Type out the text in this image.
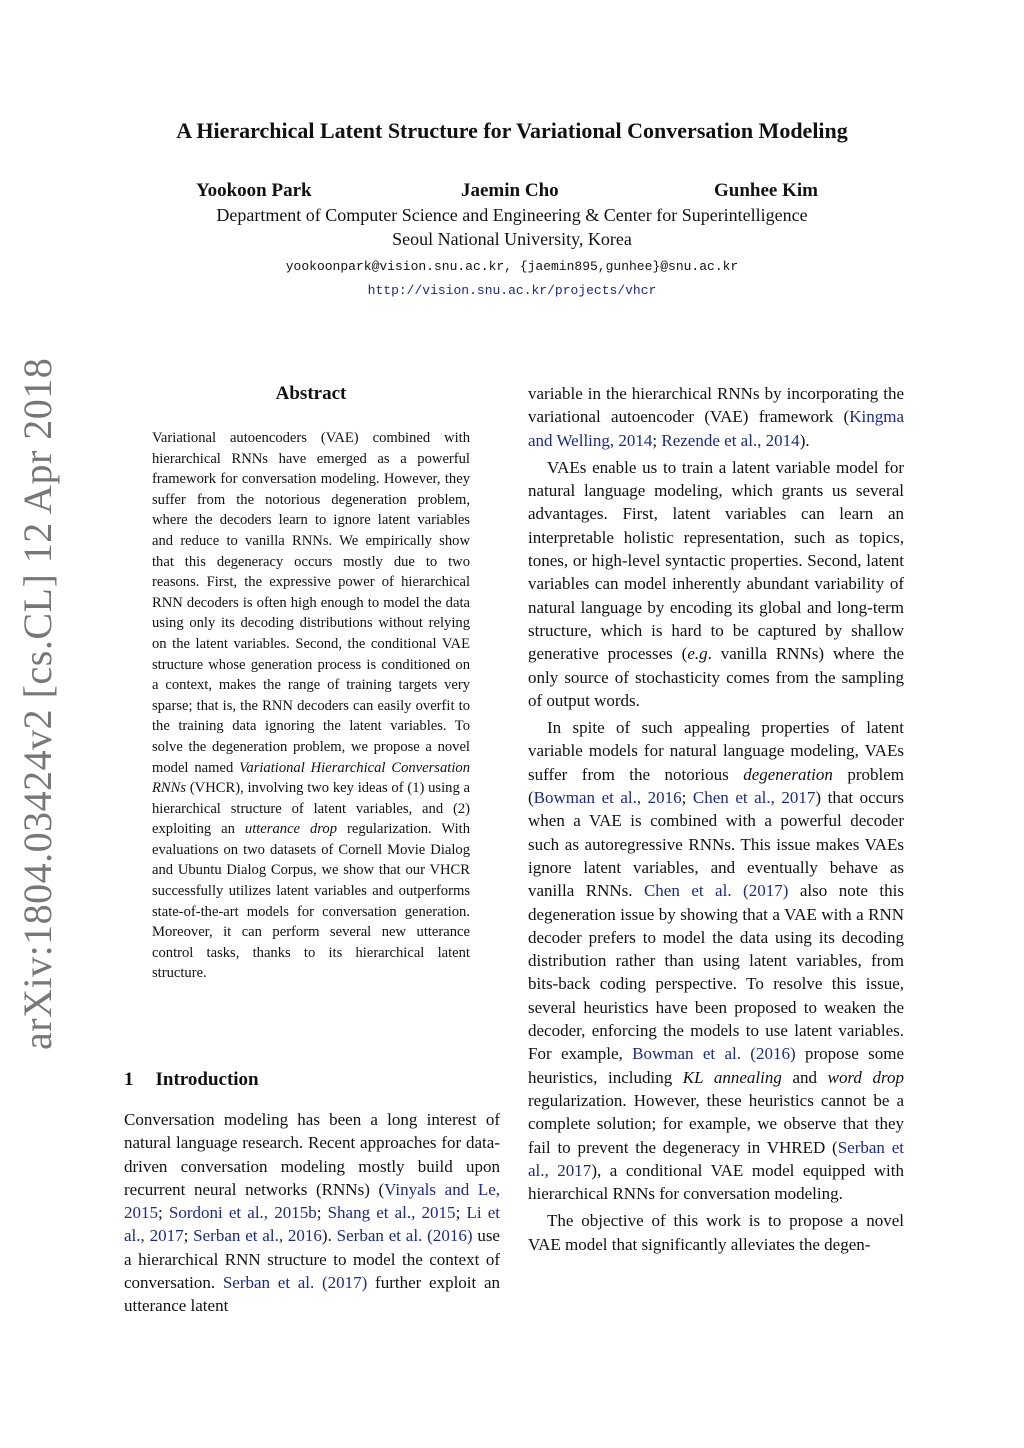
A Hierarchical Latent Structure for Variational Conversation Modeling
Yookoon Park	Jaemin Cho	Gunhee Kim
Department of Computer Science and Engineering & Center for Superintelligence
Seoul National University, Korea
yookoonpark@vision.snu.ac.kr, {jaemin895,gunhee}@snu.ac.kr
http://vision.snu.ac.kr/projects/vhcr
arXiv:1804.03424v2 [cs.CL] 12 Apr 2018	Abstract

Variational autoencoders (VAE) combined with hierarchical RNNs have emerged as a powerful framework for conversation modeling. However, they suffer from the notorious degeneration problem, where the decoders learn to ignore latent variables and reduce to vanilla RNNs. We empirically show that this degeneracy occurs mostly due to two reasons. First, the expressive power of hierarchical RNN decoders is often high enough to model the data using only its decoding distributions without relying on the latent variables. Second, the conditional VAE structure whose generation process is conditioned on a context, makes the range of training targets very sparse; that is, the RNN decoders can easily overfit to the training data ignoring the latent variables. To solve the degeneration problem, we propose a novel model named Variational Hierarchical Conversation RNNs (VHCR), involving two key ideas of (1) using a hierarchical structure of latent variables, and (2) exploiting an utterance drop regularization. With evaluations on two datasets of Cornell Movie Dialog and Ubuntu Dialog Corpus, we show that our VHCR successfully utilizes latent variables and outperforms state-of-the-art models for conversation generation. Moreover, it can perform several new utterance control tasks, thanks to its hierarchical latent structure.

1 Introduction

Conversation modeling has been a long interest of natural language research. Recent approaches for data-driven conversation modeling mostly build upon recurrent neural networks (RNNs) (Vinyals and Le, 2015; Sordoni et al., 2015b; Shang et al., 2015; Li et al., 2017; Serban et al., 2016). Serban et al. (2016) use a hierarchical RNN structure to model the context of conversation. Serban et al. (2017) further exploit an utterance latent

variable in the hierarchical RNNs by incorporating the variational autoencoder (VAE) framework (Kingma and Welling, 2014; Rezende et al., 2014).

VAEs enable us to train a latent variable model for natural language modeling, which grants us several advantages. First, latent variables can learn an interpretable holistic representation, such as topics, tones, or high-level syntactic properties. Second, latent variables can model inherently abundant variability of natural language by encoding its global and long-term structure, which is hard to be captured by shallow generative processes (e.g. vanilla RNNs) where the only source of stochasticity comes from the sampling of output words.

In spite of such appealing properties of latent variable models for natural language modeling, VAEs suffer from the notorious degeneration problem (Bowman et al., 2016; Chen et al., 2017) that occurs when a VAE is combined with a powerful decoder such as autoregressive RNNs. This issue makes VAEs ignore latent variables, and eventually behave as vanilla RNNs. Chen et al. (2017) also note this degeneration issue by showing that a VAE with a RNN decoder prefers to model the data using its decoding distribution rather than using latent variables, from bits-back coding perspective. To resolve this issue, several heuristics have been proposed to weaken the decoder, enforcing the models to use latent variables. For example, Bowman et al. (2016) propose some heuristics, including KL annealing and word drop regularization. However, these heuristics cannot be a complete solution; for example, we observe that they fail to prevent the degeneracy in VHRED (Serban et al., 2017), a conditional VAE model equipped with hierarchical RNNs for conversation modeling.

The objective of this work is to propose a novel VAE model that significantly alleviates the degen-
